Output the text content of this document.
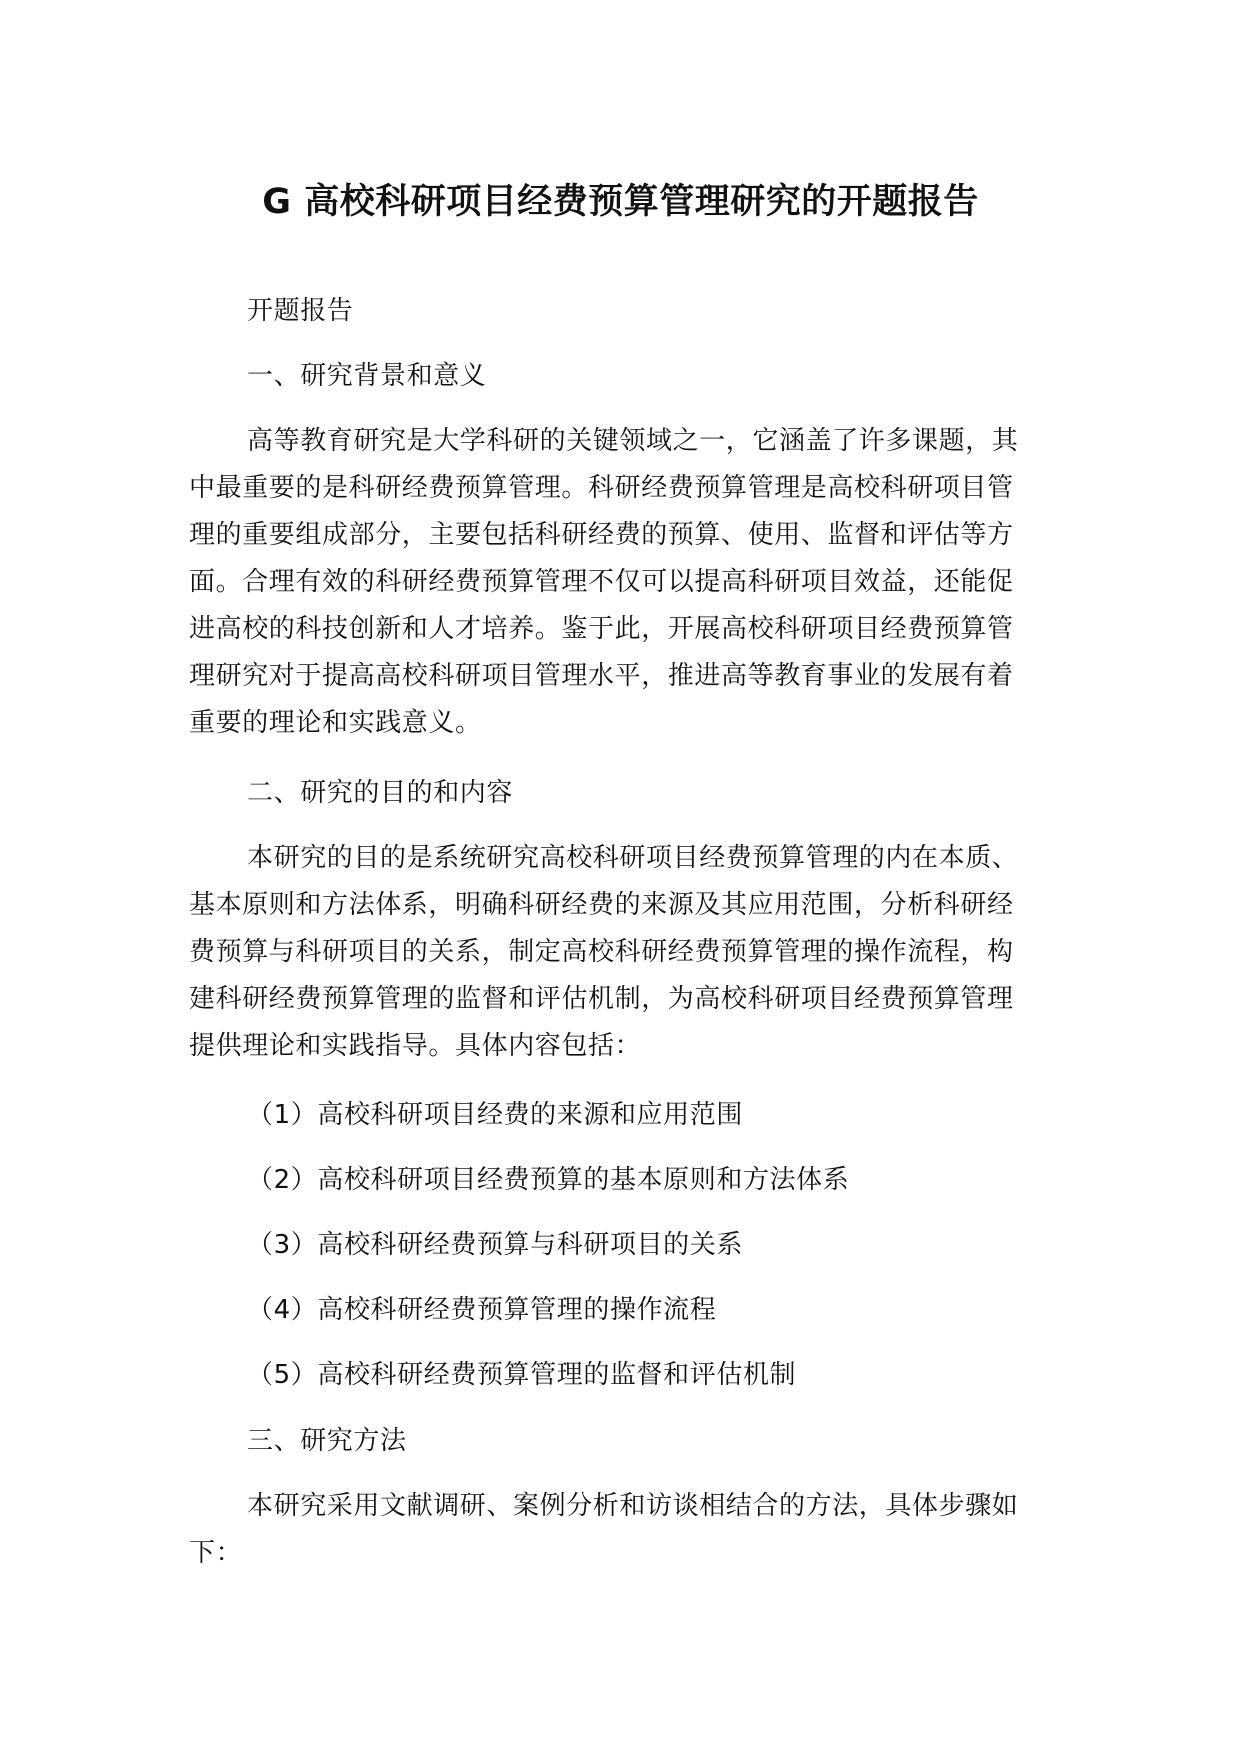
G 高校科研项目经费预算管理研究的开题报告

开题报告

一、研究背景和意义

高等教育研究是大学科研的关键领域之一，它涵盖了许多课题，其

中最重要的是科研经费预算管理。科研经费预算管理是高校科研项目管

理的重要组成部分，主要包括科研经费的预算、使用、监督和评估等方

面。合理有效的科研经费预算管理不仅可以提高科研项目效益，还能促

进高校的科技创新和人才培养。鉴于此，开展高校科研项目经费预算管

理研究对于提高高校科研项目管理水平，推进高等教育事业的发展有着

重要的理论和实践意义。

二、研究的目的和内容

本研究的目的是系统研究高校科研项目经费预算管理的内在本质、

基本原则和方法体系，明确科研经费的来源及其应用范围，分析科研经

费预算与科研项目的关系，制定高校科研经费预算管理的操作流程，构

建科研经费预算管理的监督和评估机制，为高校科研项目经费预算管理

提供理论和实践指导。具体内容包括：

（1）高校科研项目经费的来源和应用范围
（2）高校科研项目经费预算的基本原则和方法体系
（3）高校科研经费预算与科研项目的关系
（4）高校科研经费预算管理的操作流程
（5）高校科研经费预算管理的监督和评估机制

三、研究方法

本研究采用文献调研、案例分析和访谈相结合的方法，具体步骤如

下：
